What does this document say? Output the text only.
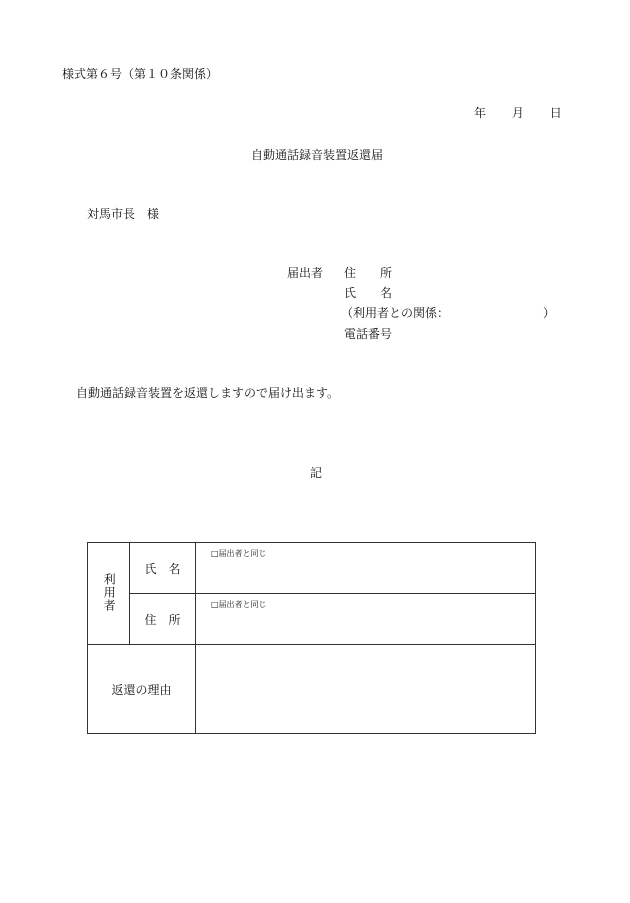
様式第６号（第１０条関係）
年 月 日
自動通話録音装置返還届
対馬市長　様
届出者 住　　所
氏　　名
（利用者との関係：	）
電話番号
自動通話録音装置を返還しますので届け出ます。
記
利用者	氏　名	□届出者と同じ

	住　所	□届出者と同じ

返還の理由		
